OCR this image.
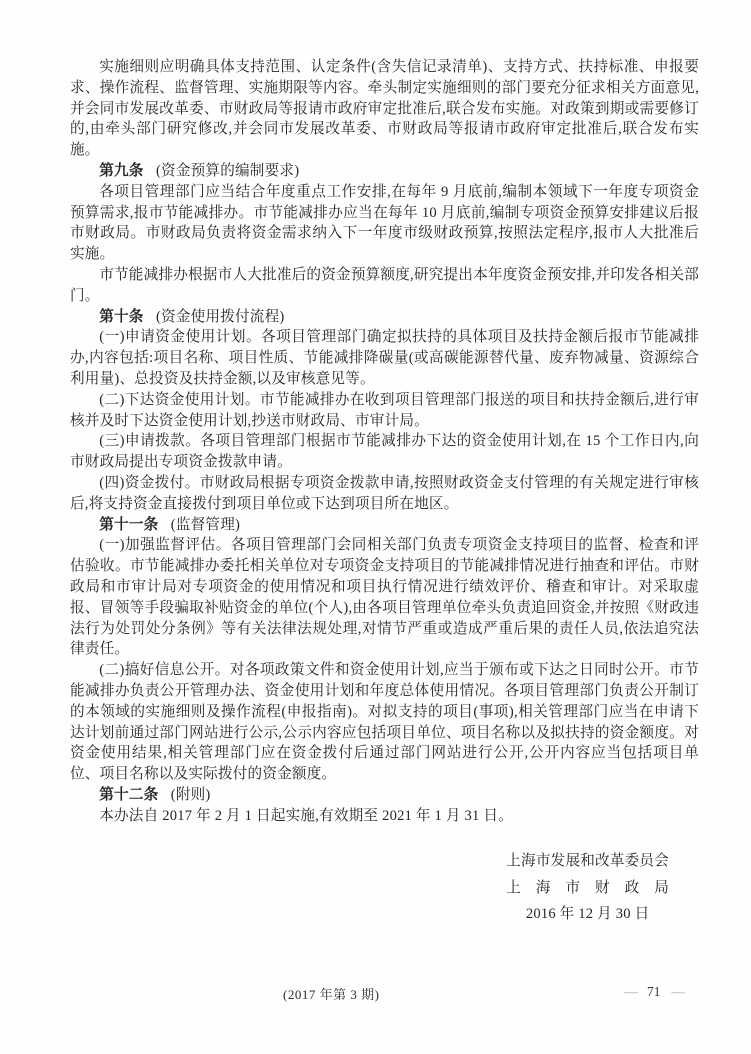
实施细则应明确具体支持范围、认定条件(含失信记录清单)、支持方式、扶持标准、申报要求、操作流程、监督管理、实施期限等内容。牵头制定实施细则的部门要充分征求相关方面意见,并会同市发展改革委、市财政局等报请市政府审定批准后,联合发布实施。对政策到期或需要修订的,由牵头部门研究修改,并会同市发展改革委、市财政局等报请市政府审定批准后,联合发布实施。

第九条 (资金预算的编制要求)

各项目管理部门应当结合年度重点工作安排,在每年 9 月底前,编制本领域下一年度专项资金预算需求,报市节能减排办。市节能减排办应当在每年 10 月底前,编制专项资金预算安排建议后报市财政局。市财政局负责将资金需求纳入下一年度市级财政预算,按照法定程序,报市人大批准后实施。

市节能减排办根据市人大批准后的资金预算额度,研究提出本年度资金预安排,并印发各相关部门。

第十条 (资金使用拨付流程)

(一)申请资金使用计划。各项目管理部门确定拟扶持的具体项目及扶持金额后报市节能减排办,内容包括:项目名称、项目性质、节能减排降碳量(或高碳能源替代量、废弃物减量、资源综合利用量)、总投资及扶持金额,以及审核意见等。

(二)下达资金使用计划。市节能减排办在收到项目管理部门报送的项目和扶持金额后,进行审核并及时下达资金使用计划,抄送市财政局、市审计局。

(三)申请拨款。各项目管理部门根据市节能减排办下达的资金使用计划,在 15 个工作日内,向市财政局提出专项资金拨款申请。

(四)资金拨付。市财政局根据专项资金拨款申请,按照财政资金支付管理的有关规定进行审核后,将支持资金直接拨付到项目单位或下达到项目所在地区。

第十一条 (监督管理)

(一)加强监督评估。各项目管理部门会同相关部门负责专项资金支持项目的监督、检查和评估验收。市节能减排办委托相关单位对专项资金支持项目的节能减排情况进行抽查和评估。市财政局和市审计局对专项资金的使用情况和项目执行情况进行绩效评价、稽查和审计。对采取虚报、冒领等手段骗取补贴资金的单位(个人),由各项目管理单位牵头负责追回资金,并按照《财政违法行为处罚处分条例》等有关法律法规处理,对情节严重或造成严重后果的责任人员,依法追究法律责任。

(二)搞好信息公开。对各项政策文件和资金使用计划,应当于颁布或下达之日同时公开。市节能减排办负责公开管理办法、资金使用计划和年度总体使用情况。各项目管理部门负责公开制订的本领域的实施细则及操作流程(申报指南)。对拟支持的项目(事项),相关管理部门应当在申请下达计划前通过部门网站进行公示,公示内容应包括项目单位、项目名称以及拟扶持的资金额度。对资金使用结果,相关管理部门应在资金拨付后通过部门网站进行公开,公开内容应当包括项目单位、项目名称以及实际拨付的资金额度。

第十二条 (附则)

本办法自 2017 年 2 月 1 日起实施,有效期至 2021 年 1 月 31 日。

上海市发展和改革委员会

上　海　市　财　政　局

2016 年 12 月 30 日

(2017 年第 3 期)	— 71 —
